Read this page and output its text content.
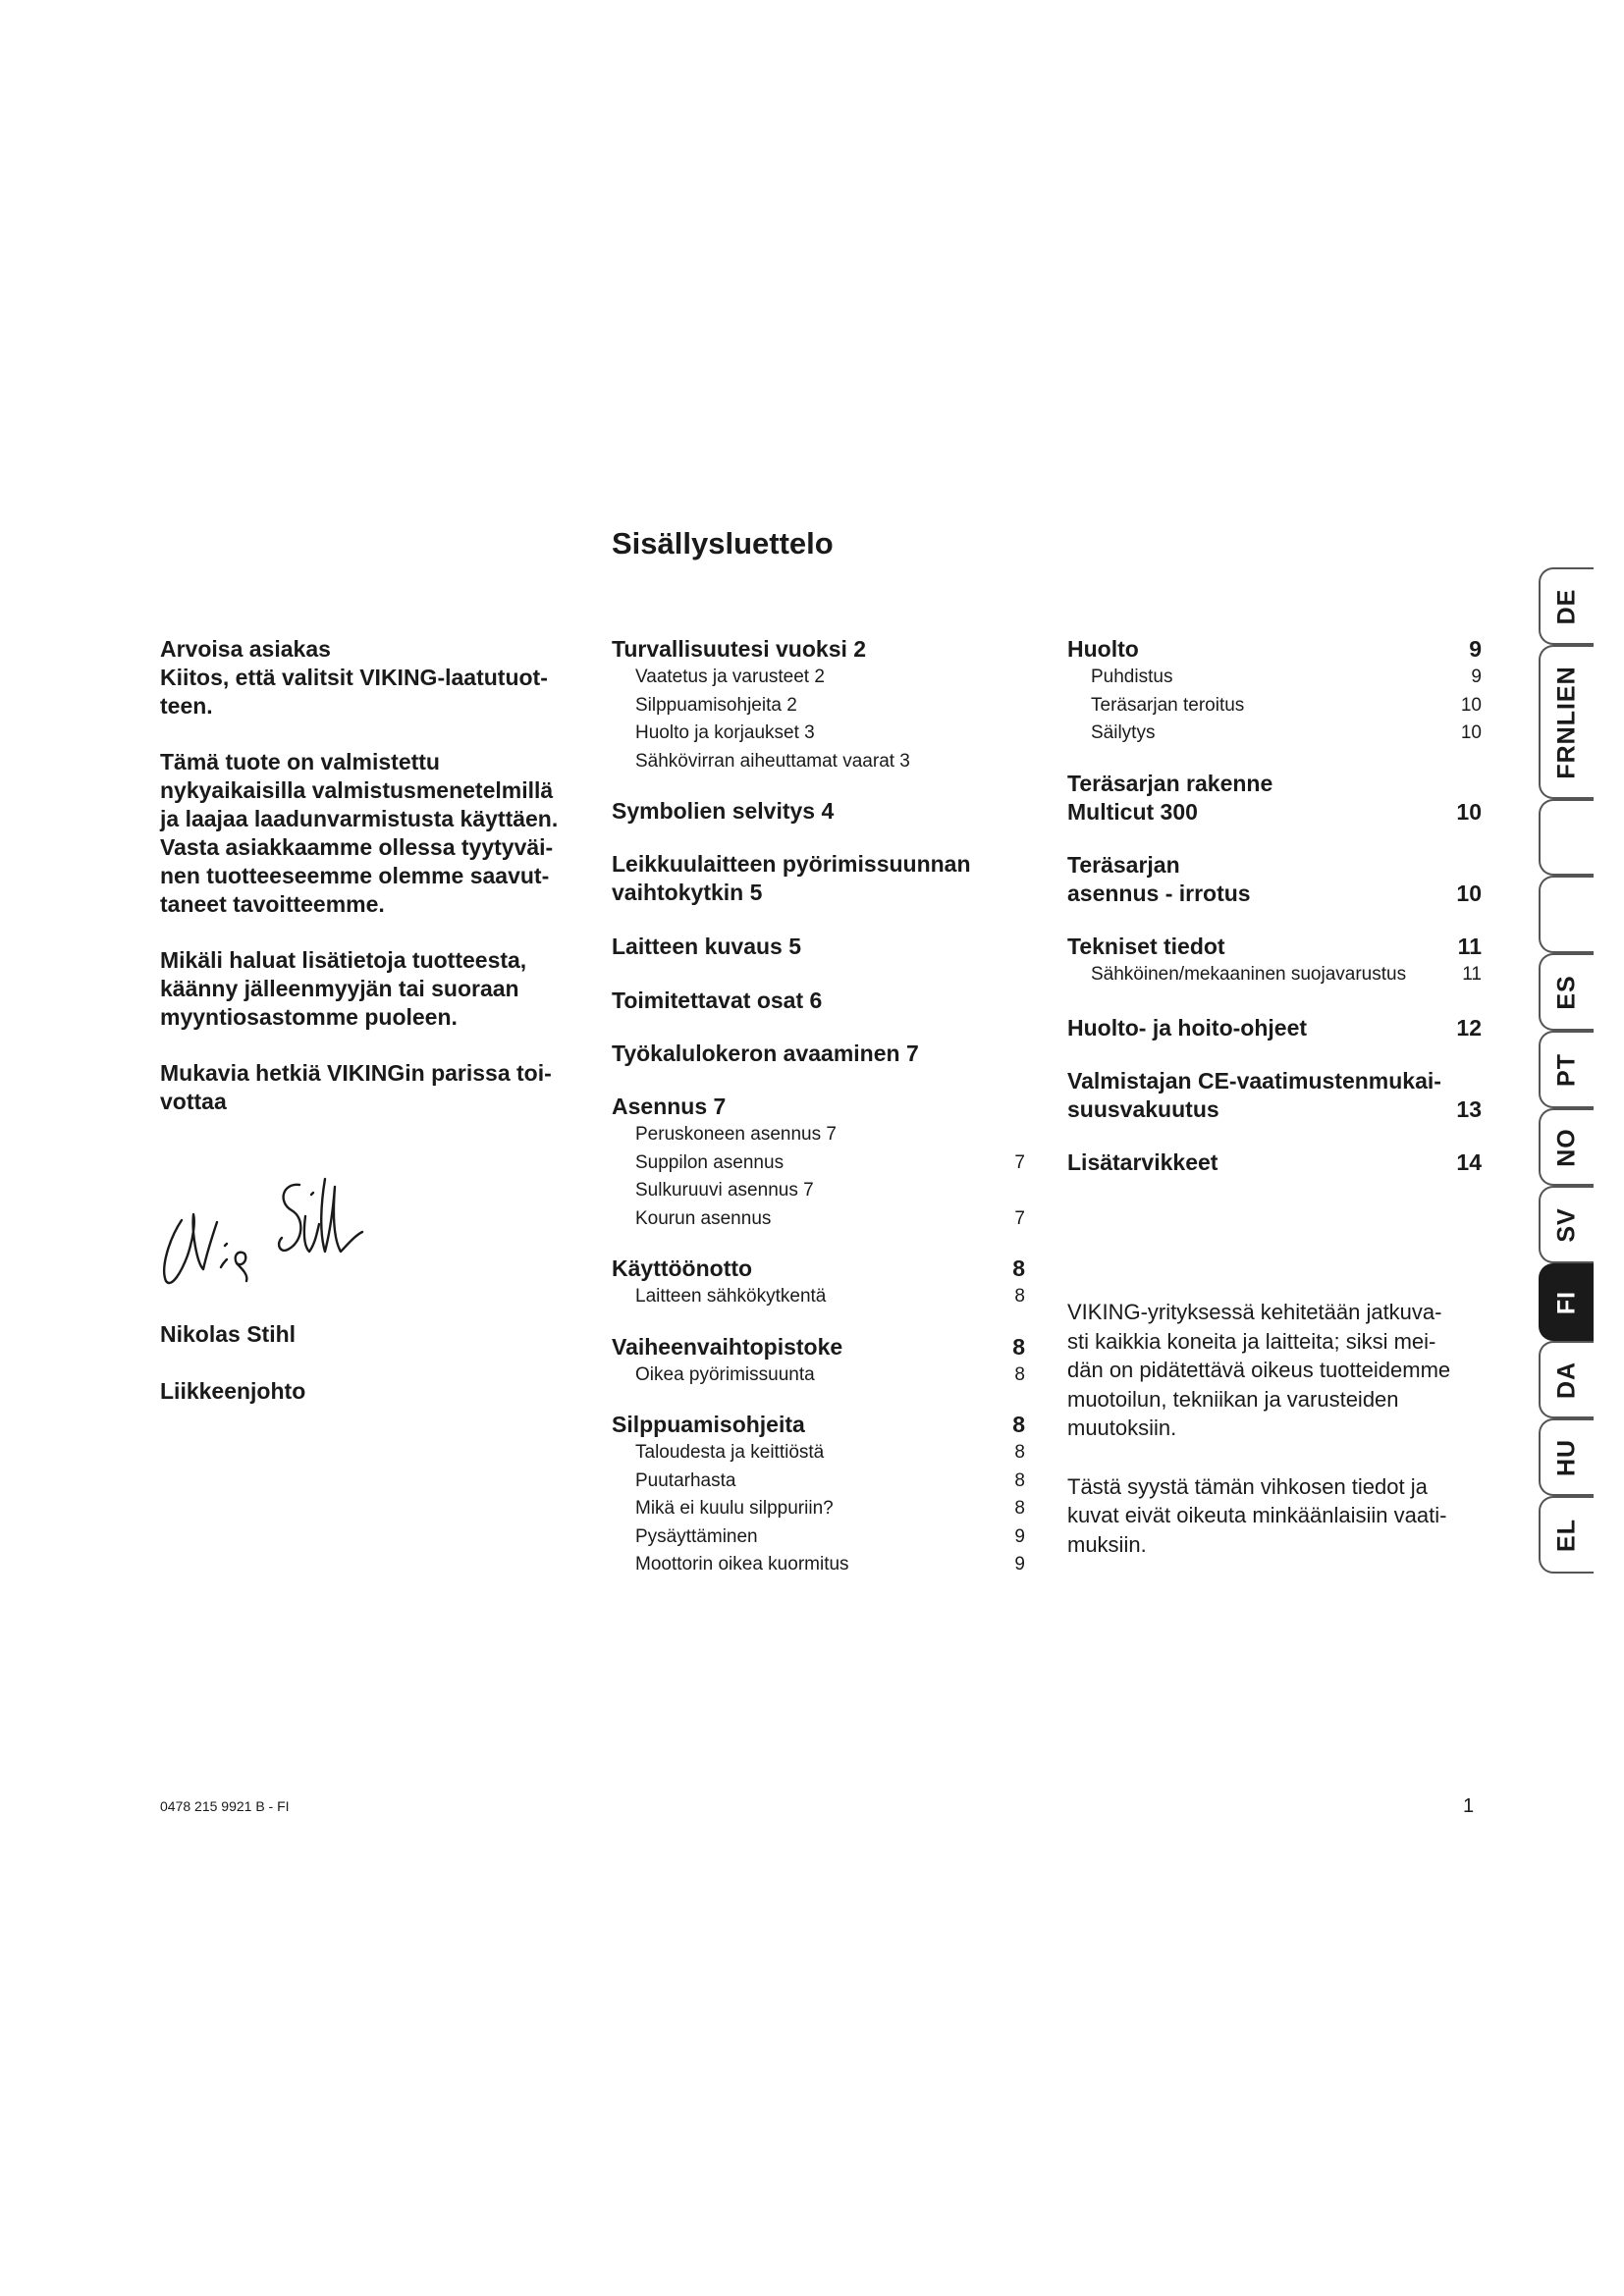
Sisällysluettelo

Arvoisa asiakas

Kiitos, että valitsit VIKING-laatutuot-

teen.

Tämä tuote on valmistettu

nykyaikaisilla valmistusmenetelmillä

ja laajaa laadunvarmistusta käyttäen.

Vasta asiakkaamme ollessa tyytyväi-

nen tuotteeseemme olemme saavut-

taneet tavoitteemme.

Mikäli haluat lisätietoja tuotteesta,

käänny jälleenmyyjän tai suoraan

myyntiosastomme puoleen.

Mukavia hetkiä VIKINGin parissa toi-

vottaa

Nikolas Stihl
Liikkeenjohto
Turvallisuutesi vuoksi 2
Vaatetus ja varusteet 2
Silppuamisohjeita 2
Huolto ja korjaukset 3
Sähkövirran aiheuttamat vaarat 3
Symbolien selvitys 4
Leikkuulaitteen pyörimissuunnan
vaihtokytkin 5
Laitteen kuvaus 5
Toimitettavat osat 6
Työkalulokeron avaaminen 7
Asennus 7
Peruskoneen asennus 7
Suppilon asennus	7
Sulkuruuvi asennus 7
Kourun asennus	7
Käyttöönotto	8
Laitteen sähkökytkentä	8
Vaiheenvaihtopistoke	8
Oikea pyörimissuunta	8
Silppuamisohjeita	8
Taloudesta ja keittiöstä	8
Puutarhasta	8
Mikä ei kuulu silppuriin?	8
Pysäyttäminen	9
Moottorin oikea kuormitus	9
Huolto	9
Puhdistus	9
Teräsarjan teroitus	10
Säilytys	10
Teräsarjan rakenne
Multicut 300	10
Teräsarjan
asennus - irrotus	10
Tekniset tiedot	11
Sähköinen/mekaaninen suojavarustus	11
Huolto- ja hoito-ohjeet	12
Valmistajan CE-vaatimustenmukai-
suusvakuutus	13
Lisätarvikkeet	14

VIKING-yrityksessä kehitetään jatkuva-
sti kaikkia koneita ja laitteita; siksi mei-
dän on pidätettävä oikeus tuotteidemme
muotoilun, tekniikan ja varusteiden
muutoksiin.

Tästä syystä tämän vihkosen tiedot ja
kuvat eivät oikeuta minkäänlaisiin vaati-
muksiin.

0478 215 9921 B - FI	1
DE
FRNLIEN
ES
PT
NO
SV
FI
DA
HU
EL
